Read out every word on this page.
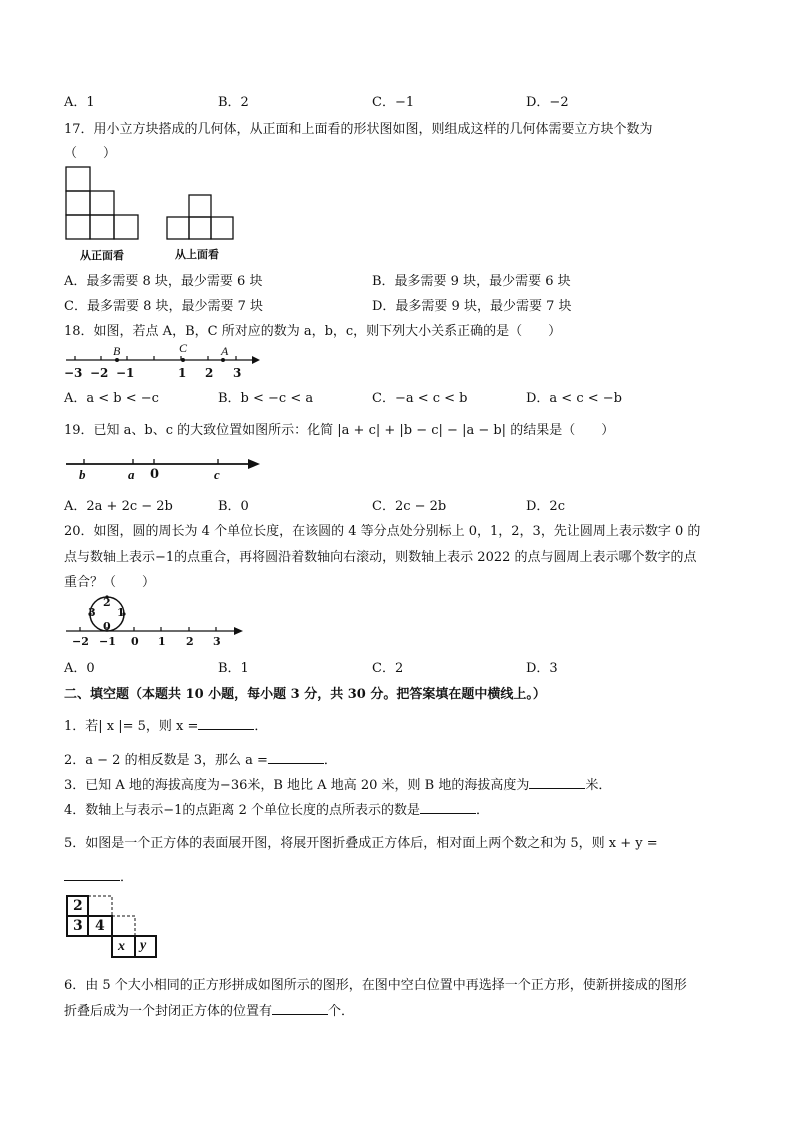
A．1	B．2	C．−1	D．−2
17．用小立方块搭成的几何体，从正面和上面看的形状图如图，则组成这样的几何体需要立方块个数为
（　　）
从正面看	从上面看
A．最多需要 8 块，最少需要 6 块	B．最多需要 9 块，最少需要 6 块
C．最多需要 8 块，最少需要 7 块	D．最多需要 9 块，最少需要 7 块
18．如图，若点 A，B，C 所对应的数为 a，b，c，则下列大小关系正确的是（　　）
B	C	A
−3 −2 −1	1 2 3
A．a < b < −c	B．b < −c < a	C．−a < c < b	D．a < c < −b
19．已知 a、b、c 的大致位置如图所示：化简 |a + c| + |b − c| − |a − b| 的结果是（　　）
b	a 0	c
A．2a + 2c − 2b	B．0	C．2c − 2b	D．2c
20．如图，圆的周长为 4 个单位长度，在该圆的 4 等分点处分别标上 0，1，2，3，先让圆周上表示数字 0 的
点与数轴上表示−1的点重合，再将圆沿着数轴向右滚动，则数轴上表示 2022 的点与圆周上表示哪个数字的点
重合？（　　）
2
3 1
0
−2 −1 0 1 2 3
A．0	B．1	C．2	D．3
二、填空题（本题共 10 小题，每小题 3 分，共 30 分。把答案填在题中横线上。）
1．若| x |= 5，则 x =	．
2．a − 2 的相反数是 3，那么 a =	．
3．已知 A 地的海拔高度为−36米，B 地比 A 地高 20 米，则 B 地的海拔高度为	米．
4．数轴上与表示−1的点距离 2 个单位长度的点所表示的数是	．
5．如图是一个正方体的表面展开图，将展开图折叠成正方体后，相对面上两个数之和为 5，则 x + y =
．
2
3 4
x y
6．由 5 个大小相同的正方形拼成如图所示的图形，在图中空白位置中再选择一个正方形，使新拼接成的图形
折叠后成为一个封闭正方体的位置有	个．
